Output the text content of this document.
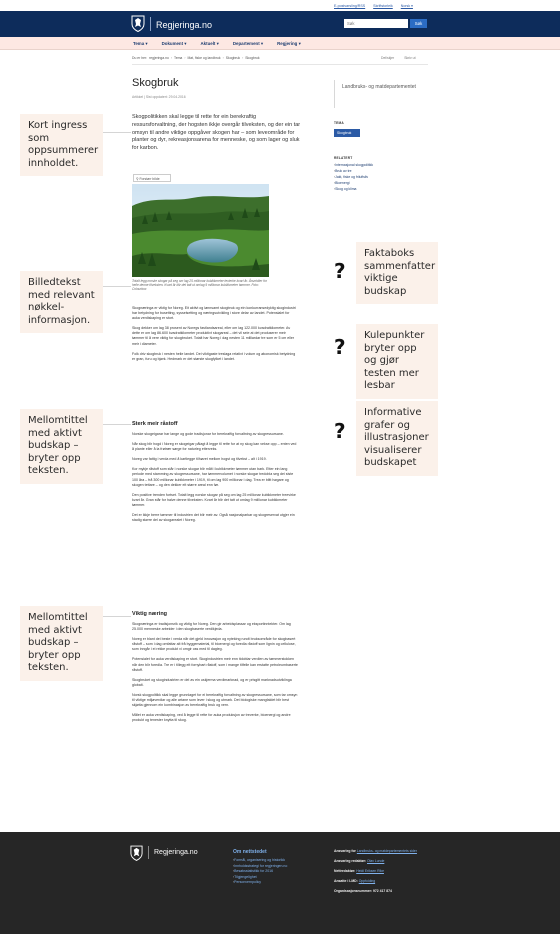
E-postvarsling/RSS Skriftstorleik Norsk ▾
Regjeringa.no
Søk	Søk
Tema ▾	Dokument ▾	Aktuelt ▾	Departement ▾	Regjering ▾
Du er her: regjeringa.no › Tema › Mat, fiske og landbruk › Skogbruk › Skogbruk	Del/skjer	Skriv ut
Skogbruk
Artikkel | Sist oppdatert: 29.04.2016
Skogpolitikken skal legge til rette for ein berekraftig ressursforvaltning, der hogsten ikkje overgår tilveksten, og der ein tar omsyn til andre viktige oppgåver skogen har – som leveområde for planter og dyr, rekreasjonsarena for menneske, og som lager og sluk for karbon.
⚲ Forstørr bilde
Totalt legg norske skogar på seg om lag 25 millionar kubikkmeter tevierke kvart år. Årsmidler for heile denne tilveksten. Kvart år blir det tatt ut omlag 9 millionar kubikkmeter tømmer. Foto: Colourbox

Skognæringa er viktig for Noreg. Eit aktivt og lønnsamt skogbruk og ein konkurransedyktig skogindustri har betydning for busetting, sysselsetting og næringsutvikling i store delar av landet. Potensialet for auka verdiskaping er stort.

Skog dekker om lag 38 prosent av Noregs fastlandsareal, eller om lag 122.000 kvadratkilometer. Av dette er om lag 86.600 kvadratkilometer produktivt skogareal – det vil seie at det produserer meir tømmer til å vere viktig for skogbruket. Totalt har Noreg i dag nesten 11 milliardar tre som er 5 cm eller meir i diameter.

Folk driv skogbruk i nesten heile landet. Dei viktigaste treslaga relativt i volum og økonomisk betydning er gran, furu og bjørk. Hedmark er det største skogfylket i landet.

Sterk meir råstoff

Norske skogeigarar har lange og gode tradisjonar for berekraftig forvaltning av skogressursane.

Når skog blir hogd i Noreg er skogeigar pålagt å legge til rette for at ny skog kan vekse opp – enten ved å plante eller å la frøtrær sørge for naturleg etterveks.

Noreg var fattig i verda med å kartlegge tilhøvet mellom hogst og tilvekst – alt i 1919.

Kor mykje råstoff som står i norske skogar blir målt i kubikkmeter tømmer utan bark. Etter ein lang periode med stamming av skogressursane, har tømmervolumet i norske skogar tredobla seg dei siste 100 åra – frå 300 millionar kubikkmeter i 1919, til om lag 900 millionar i dag. Treа er blitt høgare og skogen tettare – og den dekker eit større areal enn før.

Den positive trenden fortset. Totalt legg norske skogar på seg om lag 25 millionar kubikkmeter treevirke kvart år. Gran står for halve denne tilveksten. Kvart år blir det tatt ut omlag 9 millionar kubikkmeter tømmer.

Det er ikkje berre tømmer til industrien det blir meir av. Også nasjonalparkar og skogreservat utgjer ein stadig større del av skogarealet i Noreg.

Viktig næring

Skognæringa er tradisjonsrik og viktig for Noreg. Den gir arbeidsplassar og eksportinntekter. Om lag 25.000 menneske arbeider i den skogbaserte verdikjeda.

Noreg er blant dei beste i verda når det gjeld innovasjon og nyteking rundt bruksområde for skogbasert råstoff – som i dag omfattar alt frå byggematerial, til bioenergi og foredla råstoff som lignin og cellulose, som inngår i ei rekke produkt vi omgir oss med til dagleg.

Potensialet for auka verdiskaping er stort. Skogindustrien meir enn tidoblar verdien av tømmerstokken når den blir foredla. Tre er i tillegg eit fornybart råstoff, som i mange tilfelle kan erstatte petroleumbaserte råstoff.

Skogbruket og skogindustrien er del av ein uskjerma verdimarknad, og er prisgitt marknadsutviklinga globalt.

Norsk skogpolitikk skal legge grunnlaget for ei berekraftig forvaltning av skogressursane, som tar omsyn til viktige miljøverdiar og alle artane som lever i skog og utmark. Det biologiske mangfaldet blir best skjøtta gjennom ein kombinasjon av berekraftig bruk og vern.

Målet er auka verdiskaping, ved å legge til rette for auka produksjon av treverke, bioenergi og andre produkt og tenester knytta til skog.

Landbruks- og matdepartementet
TEMA
Skogbruk
RELATERT
› Internasjonal skogpolitikk
› Bruk av tre
› Jakt, fiske og friluftsliv
› Bioenergi
› Skog og klima
Kort ingress som oppsummerer innholdet.
Billedtekst med relevant nøkkel-informasjon.
Mellomtittel med aktivt budskap – bryter opp teksten.
Mellomtittel med aktivt budskap – bryter opp teksten.
?
Faktaboks sammenfatter viktige budskap
?	Kulepunkter bryter opp og gjør testen mer lesbar
?
Informative grafer og illustrasjoner visualiserer budskapet
Regjeringa.no	Om nettstedet
› Formål, organisering og historikk
› Innholdsstrategi for regjeringen.no
› Besøksstatistikk for 2016
› Tilgjengelighet
› Personvernpolicy
Ansvarleg for Landbruks- og matdepartementets sider
Ansvarleg redaktør: Olav Lunde
Nettredaktør: Heidi Eriksen Rike
Ansatte i LMD: Oppfolding
Organisasjonsnummer: 972 417 874
